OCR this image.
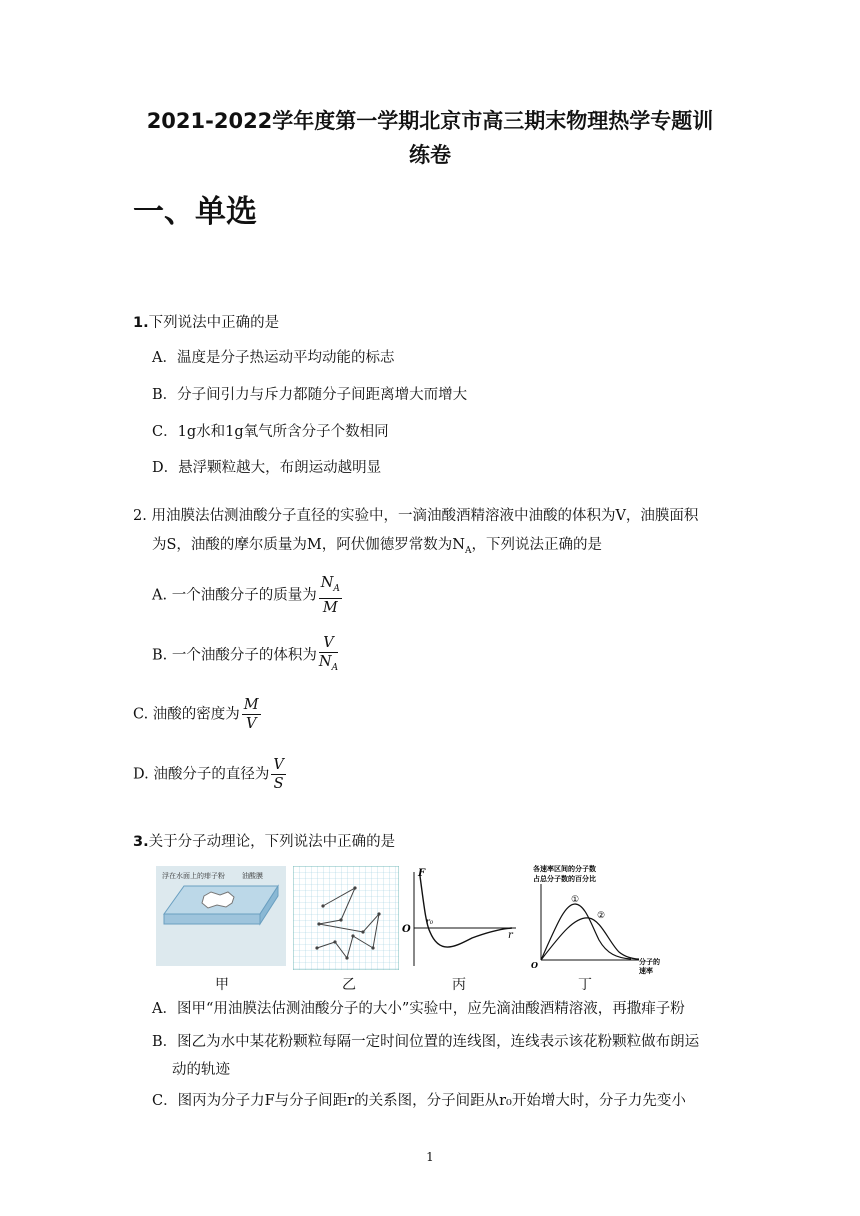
2021-2022学年度第一学期北京市高三期末物理热学专题训
练卷
一、单选
1.下列说法中正确的是
A．温度是分子热运动平均动能的标志
B．分子间引力与斥力都随分子间距离增大而增大
C．1g水和1g氧气所含分子个数相同
D．悬浮颗粒越大，布朗运动越明显
2. 用油膜法估测油酸分子直径的实验中，一滴油酸酒精溶液中油酸的体积为V，油膜面积
为S，油酸的摩尔质量为M，阿伏伽德罗常数为$N_A$，下列说法正确的是
A. 一个油酸分子的质量为 $\frac{N_A}{M}$
B. 一个油酸分子的体积为 $\frac{V}{N_A}$
C. 油酸的密度为 $\frac{M}{V}$
D. 油酸分子的直径为 $\frac{V}{S}$
3.关于分子动理论，下列说法中正确的是
浮在水面上的痱子粉 油酸膜	F
O
r₀
r
各速率区间的分子数
占总分子数的百分比
①
②
O	分子的
速率
甲	乙	丙	丁
A．图甲“用油膜法估测油酸分子的大小”实验中，应先滴油酸酒精溶液，再撒痱子粉
B．图乙为水中某花粉颗粒每隔一定时间位置的连线图，连线表示该花粉颗粒做布朗运
动的轨迹
C．图丙为分子力F与分子间距r的关系图，分子间距从r₀开始增大时，分子力先变小
1
